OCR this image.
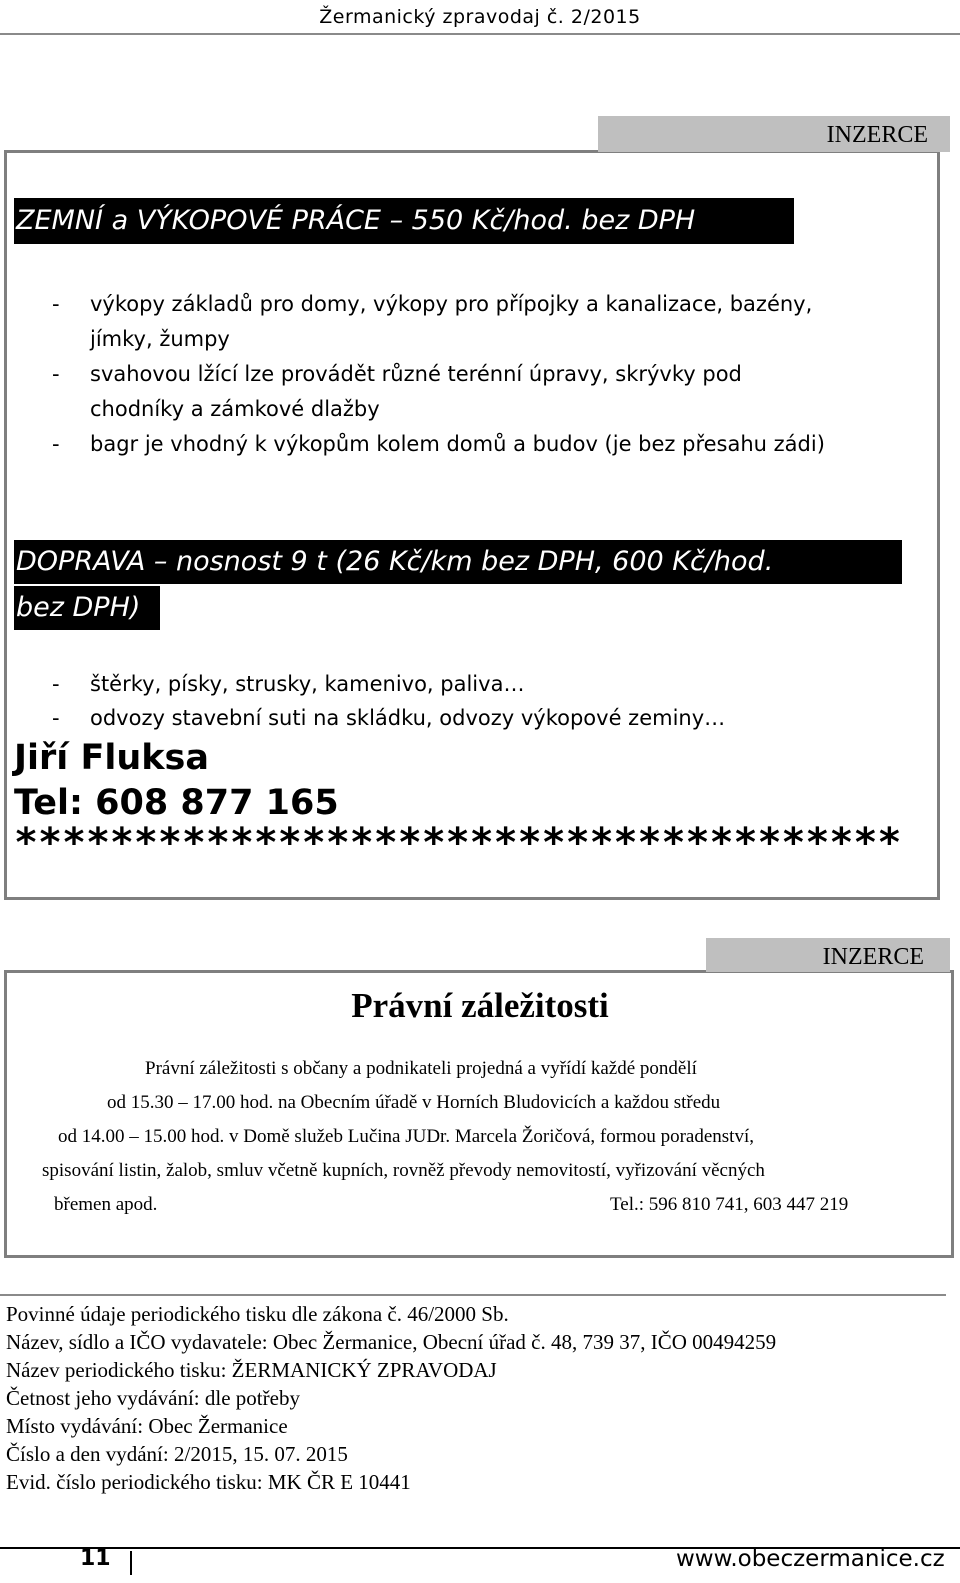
Žermanický zpravodaj č. 2/2015
INZERCE
ZEMNÍ a VÝKOPOVÉ PRÁCE – 550 Kč/hod. bez DPH
- výkopy základů pro domy, výkopy pro přípojky a kanalizace, bazény,
jímky, žumpy
- svahovou lžící lze provádět různé terénní úpravy, skrývky pod
chodníky a zámkové dlažby
- bagr je vhodný k výkopům kolem domů a budov (je bez přesahu zádi)
DOPRAVA – nosnost 9 t (26 Kč/km bez DPH, 600 Kč/hod.
bez DPH)
- štěrky, písky, strusky, kamenivo, paliva…
- odvozy stavební suti na skládku, odvozy výkopové zeminy…
Jiří Fluksa
Tel: 608 877 165
*************************************
INZERCE
Právní záležitosti
Právní záležitosti s občany a podnikateli projedná a vyřídí každé pondělí
od 15.30 – 17.00 hod. na Obecním úřadě v Horních Bludovicích a každou středu
od 14.00 – 15.00 hod. v Domě služeb Lučina JUDr. Marcela Žoričová, formou poradenství,
spisování listin, žalob, smluv včetně kupních, rovněž převody nemovitostí, vyřizování věcných
břemen apod.	Tel.: 596 810 741, 603 447 219
Povinné údaje periodického tisku dle zákona č. 46/2000 Sb.
Název, sídlo a IČO vydavatele: Obec Žermanice, Obecní úřad č. 48, 739 37, IČO 00494259
Název periodického tisku: ŽERMANICKÝ ZPRAVODAJ
Četnost jeho vydávání: dle potřeby
Místo vydávání: Obec Žermanice
Číslo a den vydání: 2/2015, 15. 07. 2015
Evid. číslo periodického tisku: MK ČR E 10441
11	www.obeczermanice.cz
